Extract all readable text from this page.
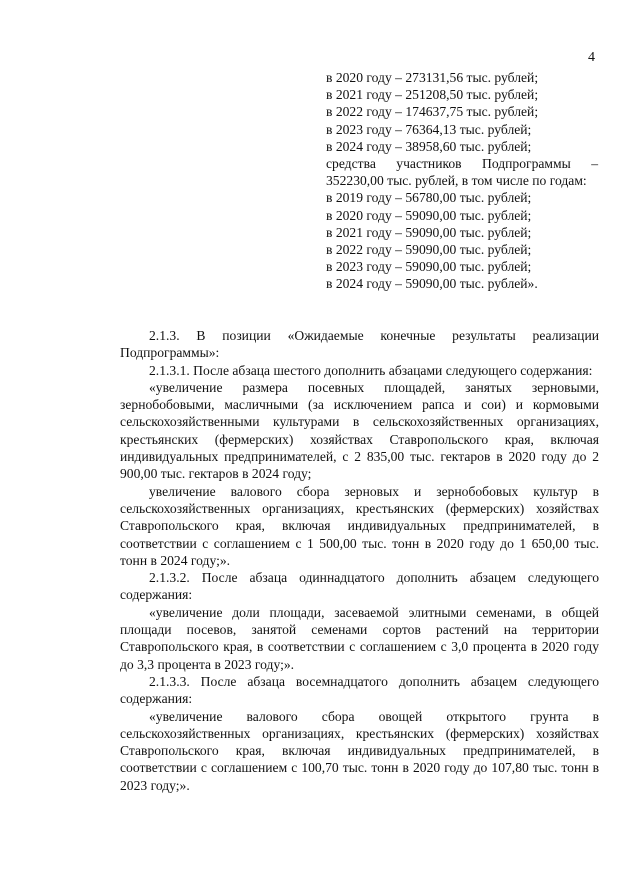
4
в 2020 году – 273131,56 тыс. рублей;
в 2021 году – 251208,50 тыс. рублей;
в 2022 году – 174637,75 тыс. рублей;
в 2023 году – 76364,13 тыс. рублей;
в 2024 году – 38958,60 тыс. рублей;
средства участников Подпрограммы – 352230,00 тыс. рублей, в том числе по годам:
в 2019 году – 56780,00 тыс. рублей;
в 2020 году – 59090,00 тыс. рублей;
в 2021 году – 59090,00 тыс. рублей;
в 2022 году – 59090,00 тыс. рублей;
в 2023 году – 59090,00 тыс. рублей;
в 2024 году – 59090,00 тыс. рублей».

2.1.3. В позиции «Ожидаемые конечные результаты реализации Подпрограммы»:

2.1.3.1. После абзаца шестого дополнить абзацами следующего содержания:

«увеличение размера посевных площадей, занятых зерновыми, зернобобовыми, масличными (за исключением рапса и сои) и кормовыми сельскохозяйственными культурами в сельскохозяйственных организациях, крестьянских (фермерских) хозяйствах Ставропольского края, включая индивидуальных предпринимателей, с 2 835,00 тыс. гектаров в 2020 году до 2 900,00 тыс. гектаров в 2024 году;

увеличение валового сбора зерновых и зернобобовых культур в сельскохозяйственных организациях, крестьянских (фермерских) хозяйствах Ставропольского края, включая индивидуальных предпринимателей, в соответствии с соглашением с 1 500,00 тыс. тонн в 2020 году до 1 650,00 тыс. тонн в 2024 году;».

2.1.3.2. После абзаца одиннадцатого дополнить абзацем следующего содержания:

«увеличение доли площади, засеваемой элитными семенами, в общей площади посевов, занятой семенами сортов растений на территории Ставропольского края, в соответствии с соглашением с 3,0 процента в 2020 году до 3,3 процента в 2023 году;».

2.1.3.3. После абзаца восемнадцатого дополнить абзацем следующего содержания:

«увеличение валового сбора овощей открытого грунта в сельскохозяйственных организациях, крестьянских (фермерских) хозяйствах Ставропольского края, включая индивидуальных предпринимателей, в соответствии с соглашением с 100,70 тыс. тонн в 2020 году до 107,80 тыс. тонн в 2023 году;».
